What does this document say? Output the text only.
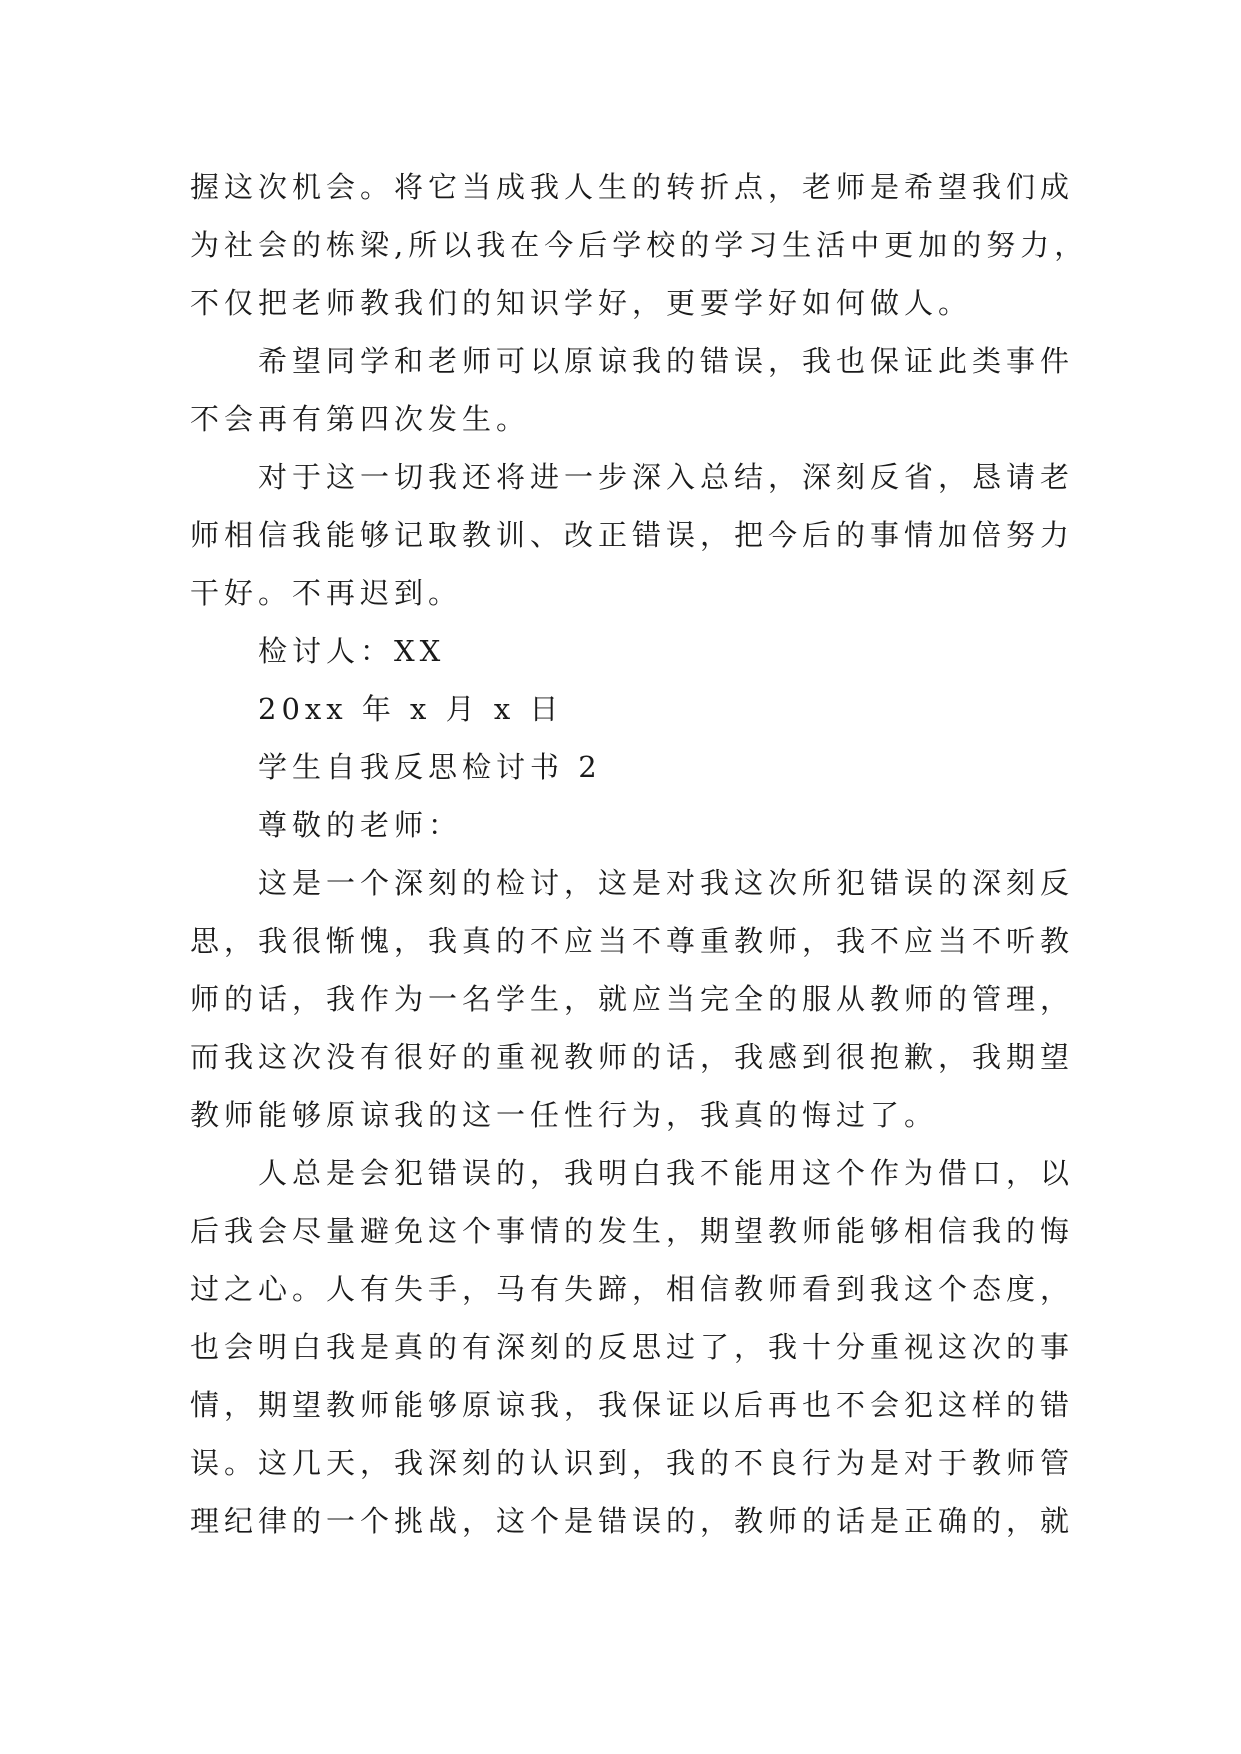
握这次机会。将它当成我人生的转折点，老师是希望我们成
为社会的栋梁,所以我在今后学校的学习生活中更加的努力，
不仅把老师教我们的知识学好，更要学好如何做人。
希望同学和老师可以原谅我的错误，我也保证此类事件
不会再有第四次发生。
对于这一切我还将进一步深入总结，深刻反省，恳请老
师相信我能够记取教训、改正错误，把今后的事情加倍努力
干好。不再迟到。
检讨人：XX
20xx 年 x 月 x 日
学生自我反思检讨书 2
尊敬的老师：
这是一个深刻的检讨，这是对我这次所犯错误的深刻反
思，我很惭愧，我真的不应当不尊重教师，我不应当不听教
师的话，我作为一名学生，就应当完全的服从教师的管理，
而我这次没有很好的重视教师的话，我感到很抱歉，我期望
教师能够原谅我的这一任性行为，我真的悔过了。
人总是会犯错误的，我明白我不能用这个作为借口，以
后我会尽量避免这个事情的发生，期望教师能够相信我的悔
过之心。人有失手，马有失蹄，相信教师看到我这个态度，
也会明白我是真的有深刻的反思过了，我十分重视这次的事
情，期望教师能够原谅我，我保证以后再也不会犯这样的错
误。这几天，我深刻的认识到，我的不良行为是对于教师管
理纪律的一个挑战，这个是错误的，教师的话是正确的，就
